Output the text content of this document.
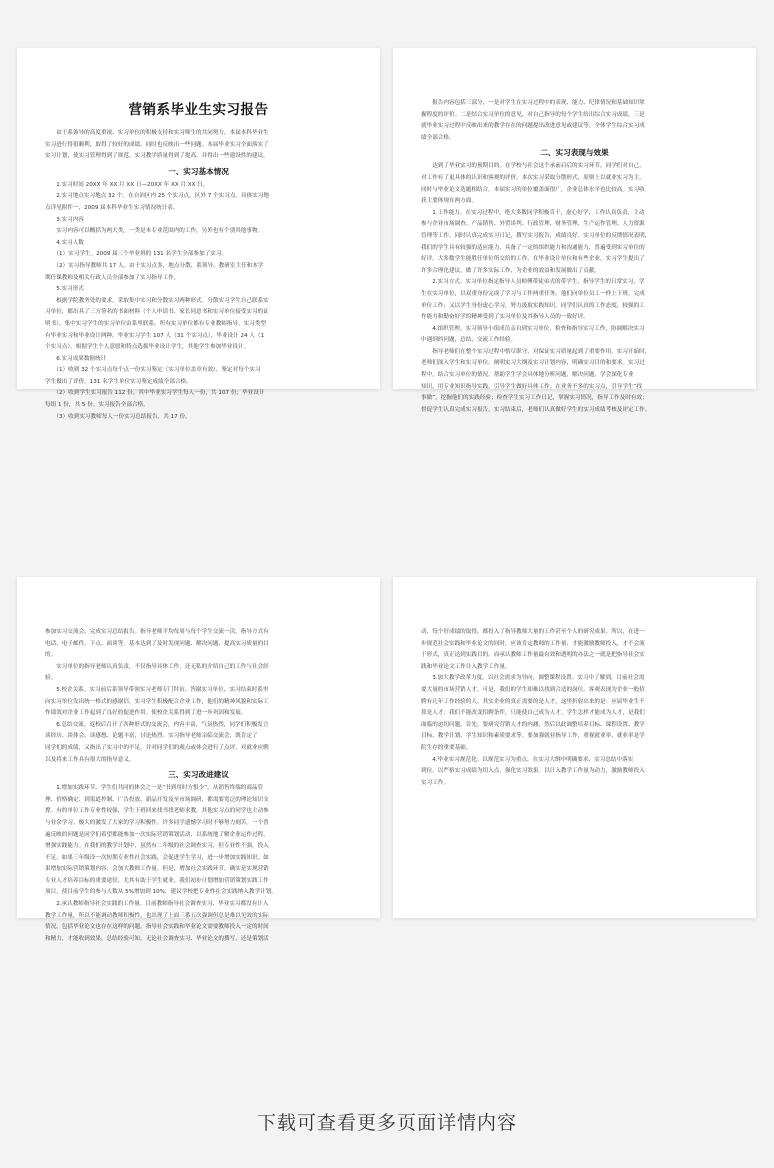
营销系毕业生实习报告
　　由于系领导的高度重视、实习单位的积极支持和实习师生的共同努力，本届本科毕业生
实习进行得很顺利，取得了较好的成绩，同时也反映出一些问题。本届毕业实习全面落实了
实习计划，使实习管理得到了规范、实习教学质量得到了提高，并得出一些建设性的建议。
一、实习基本情况
　　1.实习时间 20XX 年 XX 月 XX 日—20XX 年 XX 月 XX 日。
　　2.实习地点实习地点 32 个。在自治区内 25 个实习点，区外 7 个实习点。具体实习地
点详见附件一，2009 届本科毕业生实习情况统计表。
　　3.实习内容
　　实习内容可以概括为两大类。一类是本专业范围内的工作，另外也有个别其他事物。
　　4.实习人数
　　（1）实习学生。2009 届三个毕业班的 131 名学生全部参加了实习。
　　（2）实习指导教师共 17 人。由于实习点多，地点分散、系领导、教研室主任和本学
期任课教师及相关行政人员全部参加了实习指导工作。
　　5.实习形式
　　根据学院教务处的要求，采取集中实习和分散实习两种形式。分散实习学生自己联系实
习单位，都出具了三方签名的书面材料（个人申请书、家长同意书和实习单位接受实习的证
明书）。集中实习学生的实习单位由系里联系。所有实习单位都有专业教师指导。实习类型
有毕业实习和毕业设计两种。毕业实习学生 107 人（31 个实习点），毕业设计 24 人（1
个实习点）。根据学生个人意愿和特点选拔毕业设计学生，其他学生参加毕业设计。
　　6.实习成果数据统计
　　（1）收到 32 个实习点每个点一份实习鉴定（实习单位盖章有效）。鉴定对每个实习
学生做出了评价。131 名学生单位实习鉴定成绩全部合格。
　　（2）收到学生实习报告 112 份。其中毕业实习学生每人一份，共 107 份；毕业设计
每组 1 份，共 5 份。实习报告全部合格。
　　（3）收到实习教师每人一份实习总结报告，共 17 份。
　　报告内容包括三部分，一是对学生在实习过程中的表现、能力、纪律情况和基础知识掌
握程度的评价。二是结合实习单位的意见，对自己指导的每个学生给出综合实习成绩。三是
就毕业实习过程中反映出来的教学存在的问题提出改进意见或建议等。全体学生综合实习成
绩全部合格。
二、实习表现与效果
　　达到了毕业实习的预期目的。在学校与社会这个承前启后的实习环节，同学们对自己、
对工作有了更具体的认识和客观的评价。本次实习采取分散形式，原则上以就业实习为主，
同时与毕业论文选题相结合。本届实习的单位覆盖面很广，企业总体水平也比较高。实习收
获主要体现在两方面。
　　1.工作能力。在实习过程中，绝大多数同学积极肯干，虚心好学，工作认真负责，主动
参与企业市场调查、产品销售、外贸谈判、行政管理、财务管理、生产运作管理、人力资源
管理等工作，同时认真完成实习日记，撰写实习报告，成绩良好。实习单位的反馈情况表明，
我们的学生具有较强的适应能力，具备了一定的组织能力和沟通能力，普遍受到实习单位的
好评。大多数学生能胜任单位所交给的工作，在毕业设计单位和有些企业，实习学生提出了
许多合理化建议，做了许多实际工作，为企业的效益和发展做出了贡献。
　　2.实习方式。实习单位指定指导人员师傅带徒弟式的带学生，指导学生的日常实习，学
生在实习单位，以双重身份完成了学习与工作两重任务。他们向单位员工一样上下班，完成
单位工作；又以学生身份虚心学习，努力汲取实践知识。同学们认真的工作态度，较强的工
作能力和勤奋好学的精神受到了实习单位及其指导人员的一致好评。
　　4.组织管理。实习领导小组成员亲自到实习单位，检查和指导实习工作，协调解决实习
中遇到的问题，总结、交流工作经验。
　　指导老师们在整个实习过程中恪尽职守，对保证实习质量起到了重要作用。实习开始时，
老师们深入学生和实习单位，阐明实习大纲及实习计划内容，明确实习目的和要求。实习过
程中，结合实习单位的情况，帮助学生学会具体地分析问题，解决问题，学会深化专业
知识，用专业知识指导实践，引导学生做好具体工作；在业务不多的实习点，引导学生“找
事做”，挖掘他们的实践经验；检查学生实习工作日记，掌握实习情况，指导工作及时有效；
督促学生认真完成实习报告，实习结束后，老师们认真做好学生的实习成绩考核及评定工作。
参加实习交流会，完成实习总结报告。指导老师平均每周与每个学生交流一次，指导方式有
电话、电子邮件、下点、面谈等。基本达到了及时发现问题、解决问题、提高实习质量的目
的。
　　实习单位的指导老师认真负责，不仅指导具体工作，还无私的介绍自己的工作与社会经
验。
　　5.校企关系。实习前后系领导带领实习老师专门拜访、答谢实习单位，实习结束时系里
向实习单位发出统一格式的感谢信。实习学生积极配合企业工作，他们的精神风貌和实际工
作绩效对企业工作起到了良好的促进作用。使校企关系得到了进一步巩固和发展。
　　6.总结交流。返校后召开了各种形式的交流会，内容丰富，气氛热烈，同学们积极发言
谈经历、谈体会、谈感想、论题丰富，讨论热烈。实习指导老师亲临交流会，既肯定了
同学们的成绩，又指出了实习中的不足，并对同学们的观点或体会进行了点评，对就业应聘
以及将来工作具有很大的指导意义。
三、实习改进建议
　　1.增加实践环节。学生们共同的体会之一是“书到用时方恨少”，从销售终端的商品管
理、价格确定、到渠道控制、广告投放、新品开发及至市场调研，都需要宽泛的理论知识支
撑。有的单位工作专业性较强，学生下班回来找书找老师求教，其他实习点的同学也主动参
与业余学习。极大的激发了大家的学习积极性。许多同学遗憾学习时不够努力刻苦。一个普
遍反映的问题是同学们希望都能参加一次实际营销策划活动，以系统地了解企业运作过程，
增强实践能力。在我们的教学计划中，虽然有二年级的社会调查实习，但专业性不强，投入
不足。如果三年级设一次短期专业性社会实践，会促进学生学习，进一步增加实践知识。如
果增加实际营销策划内容，会加大教师工作量。但是，增加社会实践环节，确实是实现营销
专业人才培养目标的重要途径，尤其有助于学生就业。我们初步计划增加营销策划实践工作
项目，使目前学生的参与人数从 5%增加到 10%，建议学校把专业性社会实践纳入教学计划。
　　2.承认教师指导社会实践的工作量。目前教师指导社会调查实习、毕业实习都没有计入
教学工作量，所以不能调动教师积极性，也出现了上面三番五次强调但总是难以见效的实际
情况。包括毕业论文也存在这样的问题。指导社会实践和毕业论文需要教师投入一定的时间
和精力，才能收到效果。总结经验可知，无论社会调查实习、毕业论文的撰写，还是策划活
动、每个好成绩的取得，都投入了指导教师大量的工作甚至个人的研究成果。所以，在进一
步规范社会实践和毕业论文的同时，应该肯定教师的工作量，才能激励教师投入，才不会流
于形式，真正达到实践目的。而承认教师工作量最有效和透明的办法之一就是把指导社会实
践和毕业论文工作计入教学工作量。
　　3.加大教学改革力度。以社会需求为导向，调整课程设置。实习中了解到，目前社会需
要大量的市场营销人才，可是，我们的学生却难以找到合适的岗位。客观表现为企业一般招
聘有几年工作经验的人。其实企业的真正需要的是人才，这里折射出来的是：应届毕业生不
算是人才。我们不能改变招聘条件，只能使自己成为人才。学生怎样才能成为人才，是我们
面临的迫切问题。首先，要研究营销人才的内涵，然后以此调整培养目标、课程设置、教学
目标、教学计划、学生知识和素质要求等。要加强就业指导工作，重视就业率，就业率是学
院生存的重要基础。
　　4.毕业实习规范化。以规范实习为重点，在实习大纲中明确要求，实习总结中落实
到位。以严格实习成绩为切入点，强化实习效果。以计入教学工作量为动力，激励教师投入
实习工作。
下载可查看更多页面详情内容
